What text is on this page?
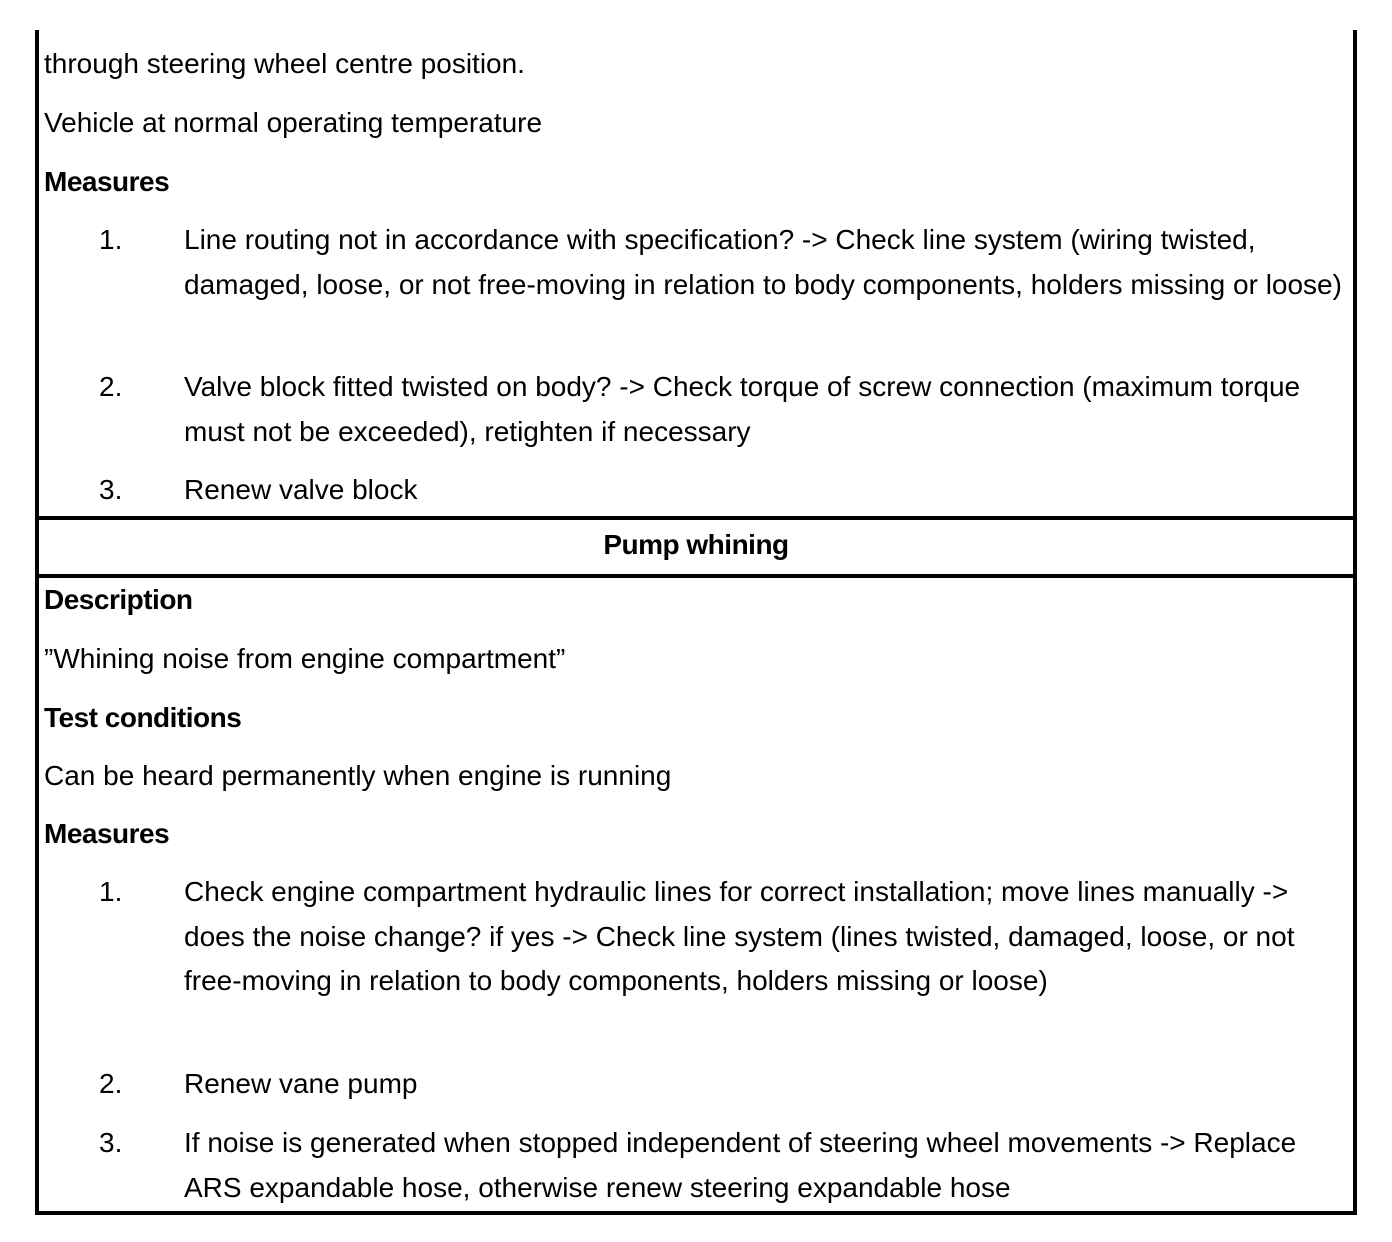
through steering wheel centre position.
Vehicle at normal operating temperature
Measures
1. Line routing not in accordance with specification? -> Check line system (wiring twisted, damaged, loose, or not free-moving in relation to body components, holders missing or loose)
2. Valve block fitted twisted on body? -> Check torque of screw connection (maximum torque must not be exceeded), retighten if necessary
3. Renew valve block
Pump whining
Description
”Whining noise from engine compartment”
Test conditions
Can be heard permanently when engine is running
Measures
1. Check engine compartment hydraulic lines for correct installation; move lines manually -> does the noise change? if yes -> Check line system (lines twisted, damaged, loose, or not free-moving in relation to body components, holders missing or loose)
2. Renew vane pump
3. If noise is generated when stopped independent of steering wheel movements -> Replace ARS expandable hose, otherwise renew steering expandable hose
